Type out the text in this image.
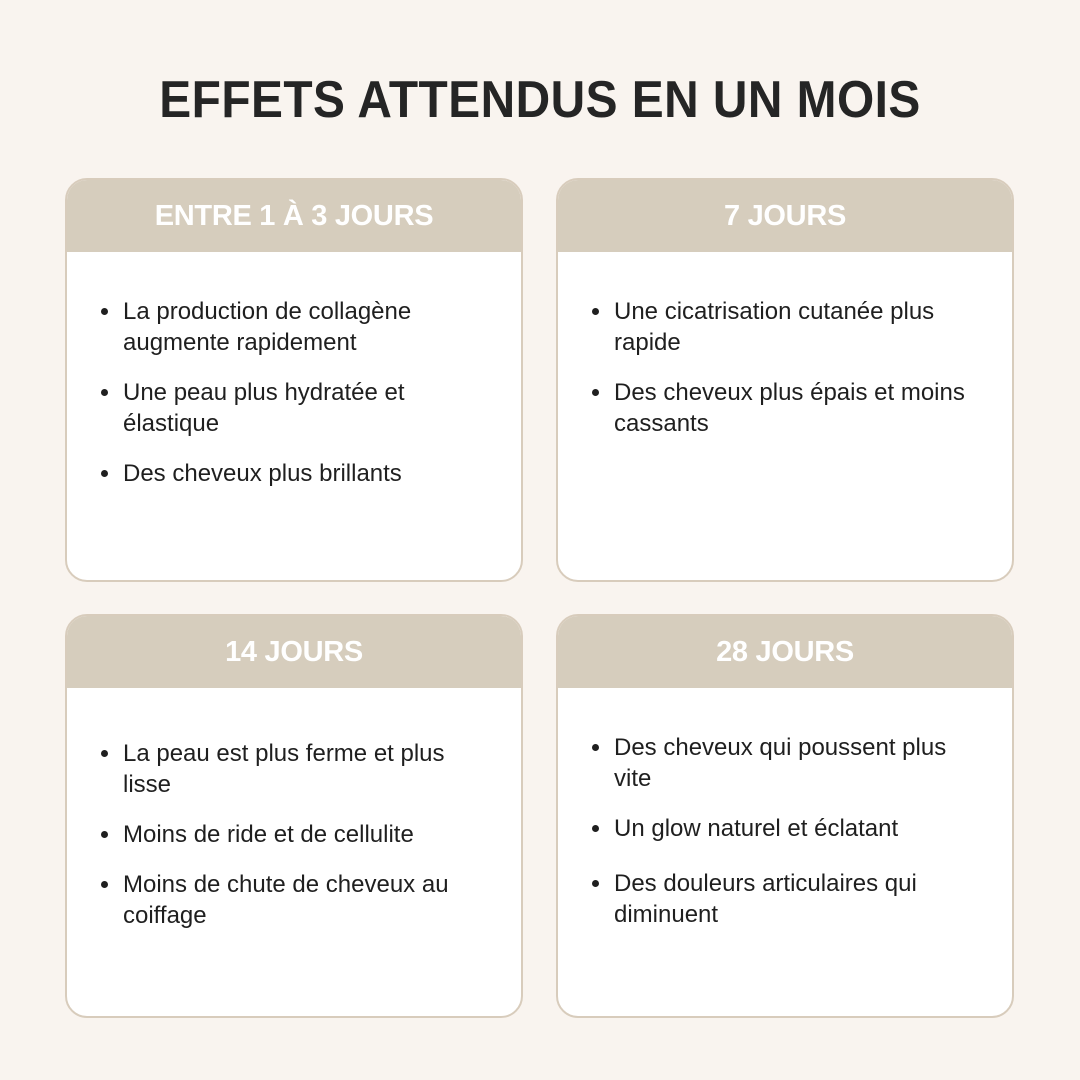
EFFETS ATTENDUS EN UN MOIS
ENTRE 1 À 3 JOURS
La production de collagène augmente rapidement
Une peau plus hydratée et élastique
Des cheveux plus brillants
7 JOURS
Une cicatrisation cutanée plus rapide
Des cheveux plus épais et moins cassants
14 JOURS
La peau est plus ferme et plus lisse
Moins de ride et de cellulite
Moins de chute de cheveux au coiffage
28 JOURS
Des cheveux qui poussent plus vite
Un glow naturel et éclatant
Des douleurs articulaires qui diminuent
